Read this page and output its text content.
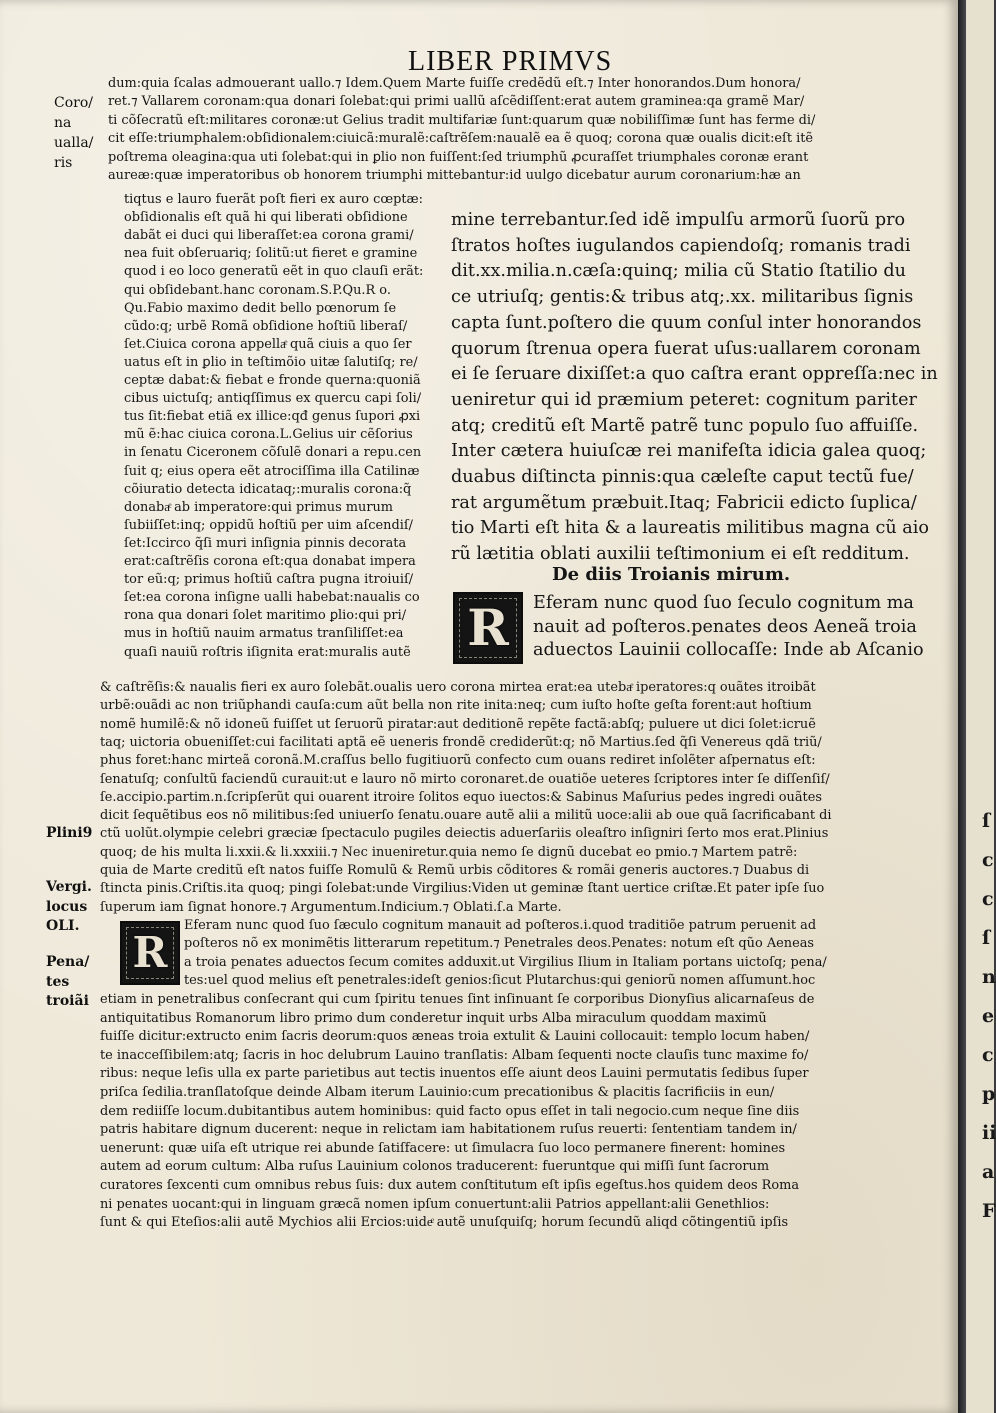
LIBER PRIMVS
Coro/
na
ualla/
ris
Plini9
Vergi.
locus
OLI.
Pena/
tes
troiãi
dum:quia ſcalas admouerant uallo.⁊ Idem.Quem Marte fuiſſe credẽdũ eſt.⁊ Inter honorandos.Dum honora/
ret.⁊ Vallarem coronam:qua donari ſolebat:qui primi uallũ aſcẽdiſſent:erat autem graminea:qa gramẽ Mar/
ti cõſecratũ eſt:militares coronæ:ut Gelius tradit multifariæ ſunt:quarum quæ nobiliſſimæ ſunt has ferme di/
cit eſſe:triumphalem:obſidionalem:ciuicã:muralẽ:caſtrẽſem:naualẽ ea ẽ quoq; corona quæ oualis dicit:eſt itẽ
poſtrema oleagina:qua uti ſolebat:qui in ꝑlio non fuiſſent:ſed triumphũ ꝓcuraſſet triumphales coronæ erant
aureæ:quæ imperatoribus ob honorem triumphi mittebantur:id uulgo dicebatur aurum coronarium:hæ an
tiqtus e lauro fuerãt poſt fieri ex auro cœptæ:
obſidionalis eſt quã hi qui liberati obſidione
dabãt ei duci qui liberaſſet:ea corona grami/
nea fuit obſeruariq; ſolitũ:ut fieret e gramine
quod i eo loco generatũ eẽt in quo clauſi erãt:
qui obſidebant.hanc coronam.S.P.Qu.R o.
Qu.Fabio maximo dedit bello pœnorum ſe
cũdo:q; urbẽ Romã obſidione hoſtiũ liberaſ/
ſet.Ciuica corona appellaͤ quã ciuis a quo ſer
uatus eſt in ꝑlio in teſtimõio uitæ ſalutiſq; re/
ceptæ dabat:& fiebat e fronde querna:quoniã
cibus uictuſq; antiqſſimus ex quercu capi ſoli/
tus ſit:fiebat etiã ex illice:qđ genus ſupori ꝓxi
mũ ẽ:hac ciuica corona.L.Gelius uir cẽſorius
in ſenatu Ciceronem cõſulẽ donari a repu.cen
ſuit q; eius opera eẽt atrociſſima illa Catilinæ
cõiuratio detecta idicataq;:muralis corona:q̃
donabaͤ ab imperatore:qui primus murum
ſubiiſſet:inq; oppidũ hoſtiũ per uim aſcendiſ/
ſet:Iccirco q̃ſi muri inſignia pinnis decorata
erat:caſtrẽſis corona eſt:qua donabat impera
tor eũ:q; primus hoſtiũ caſtra pugna itroiuiſ/
ſet:ea corona inſigne ualli habebat:naualis co
rona qua donari ſolet maritimo ꝑlio:qui pri/
mus in hoſtiũ nauim armatus tranſiliſſet:ea
quaſi nauiũ roſtris iſignita erat:muralis autẽ
mine terrebantur.ſed idẽ impulſu armorũ ſuorũ pro
ſtratos hoſtes iugulandos capiendoſq; romanis tradi
dit.xx.milia.n.cæſa:quinq; milia cũ Statio ſtatilio du
ce utriuſq; gentis:& tribus atq;.xx. militaribus ſignis
capta ſunt.poſtero die quum conſul inter honorandos
quorum ſtrenua opera fuerat uſus:uallarem coronam
ei ſe ſeruare dixiſſet:a quo caſtra erant oppreſſa:nec in
ueniretur qui id præmium peteret: cognitum pariter
atq; creditũ eſt Martẽ patrẽ tunc populo ſuo affuiſſe.
Inter cætera huiuſcæ rei manifeſta idicia galea quoq;
duabus diſtincta pinnis:qua cæleſte caput tectũ fue/
rat argumẽtum præbuit.Itaq; Fabricii edicto ſuplica/
tio Marti eſt hita & a laureatis militibus magna cũ aio
rũ lætitia oblati auxilii teſtimonium ei eſt redditum.
De diis Troianis mirum.
R Eferam nunc quod ſuo ſeculo cognitum ma
nauit ad poſteros.penates deos Aeneã troia
aduectos Lauinii collocaſſe: Inde ab Aſcanio
& caſtrẽſis:& naualis fieri ex auro ſolebãt.oualis uero corona mirtea erat:ea utebaͤ iperatores:q ouãtes itroibãt
urbẽ:ouãdi ac non triũphandi cauſa:cum aũt bella non rite inita:neq; cum iuſto hoſte geſta forent:aut hoſtium
nomẽ humilẽ:& nõ idoneũ fuiſſet ut ſeruorũ piratar:aut deditionẽ repẽte factã:abſq; puluere ut dici ſolet:icruẽ
taq; uictoria obueniſſet:cui facilitati aptã eẽ ueneris frondẽ crediderũt:q; nõ Martius.ſed q̃ſi Venereus qdã triũ/
phus foret:hanc mirteã coronã.M.craſſus bello fugitiuorũ confecto cum ouans rediret inſolẽter aſpernatus eſt:
ſenatuſq; conſultũ faciendũ curauit:ut e lauro nõ mirto coronaret.de ouatiõe ueteres ſcriptores inter ſe diſſenſiſ/
ſe.accipio.partim.n.ſcripſerũt qui ouarent itroire ſolitos equo iuectos:& Sabinus Maſurius pedes ingredi ouãtes
dicit ſequẽtibus eos nõ militibus:ſed uniuerſo ſenatu.ouare autẽ alii a militũ uoce:alii ab oue quã ſacrificabant di
ctũ uolũt.olympie celebri græciæ ſpectaculo pugiles deiectis aduerſariis oleaſtro inſigniri ſerto mos erat.Plinius
quoq; de his multa li.xxii.& li.xxxiii.⁊ Nec inueniretur.quia nemo ſe dignũ ducebat eo pmio.⁊ Martem patrẽ:
quia de Marte creditũ eſt natos fuiſſe Romulũ & Remũ urbis cõditores & romãi generis auctores.⁊ Duabus di
ſtincta pinis.Criſtis.ita quoq; pingi ſolebat:unde Virgilius:Viden ut geminæ ſtant uertice criſtæ.Et pater ipſe ſuo
ſuperum iam ſignat honore.⁊ Argumentum.Indicium.⁊ Oblati.ſ.a Marte.
R
Eferam nunc quod ſuo ſæculo cognitum manauit ad poſteros.i.quod traditiõe patrum peruenit ad
poſteros nõ ex monimẽtis litterarum repetitum.⁊ Penetrales deos.Penates: notum eſt qũo Aeneas
a troia penates aduectos ſecum comites adduxit.ut Virgilius Ilium in Italiam portans uictoſq; pena/
tes:uel quod melius eſt penetrales:ideſt genios:ſicut Plutarchus:qui geniorũ nomen aſſumunt.hoc
etiam in penetralibus conſecrant qui cum ſpiritu tenues ſint inſinuant ſe corporibus Dionyſius alicarnaſeus de
antiquitatibus Romanorum libro primo dum conderetur inquit urbs Alba miraculum quoddam maximũ
fuiſſe dicitur:extructo enim ſacris deorum:quos æneas troia extulit & Lauini collocauit: templo locum haben/
te inacceſſibilem:atq; ſacris in hoc delubrum Lauino tranſlatis: Albam ſequenti nocte clauſis tunc maxime fo/
ribus: neque leſis ulla ex parte parietibus aut tectis inuentos eſſe aiunt deos Lauini permutatis ſedibus ſuper
priſca ſedilia.tranſlatoſque deinde Albam iterum Lauinio:cum precationibus & placitis ſacrificiis in eun/
dem rediiſſe locum.dubitantibus autem hominibus: quid facto opus eſſet in tali negocio.cum neque ſine diis
patris habitare dignum ducerent: neque in relictam iam habitationem ruſus reuerti: ſententiam tandem in/
uenerunt: quæ uiſa eſt utrique rei abunde ſatiſfacere: ut ſimulacra ſuo loco permanere finerent: homines
autem ad eorum cultum: Alba ruſus Lauinium colonos traducerent: fueruntque qui miſſi ſunt ſacrorum
curatores ſexcenti cum omnibus rebus ſuis: dux autem conſtitutum eſt ipſis egeſtus.hos quidem deos Roma
ni penates uocant:qui in linguam græcã nomen ipſum conuertunt:alii Patrios appellant:alii Genethlios:
ſunt & qui Eteſios:alii autẽ Mychios alii Ercios:uideͤ autẽ unuſquiſq; horum ſecundũ aliqd cõtingentiũ ipſis
ſ
c
c
ſ
n
e
c
p
ii
a
F
